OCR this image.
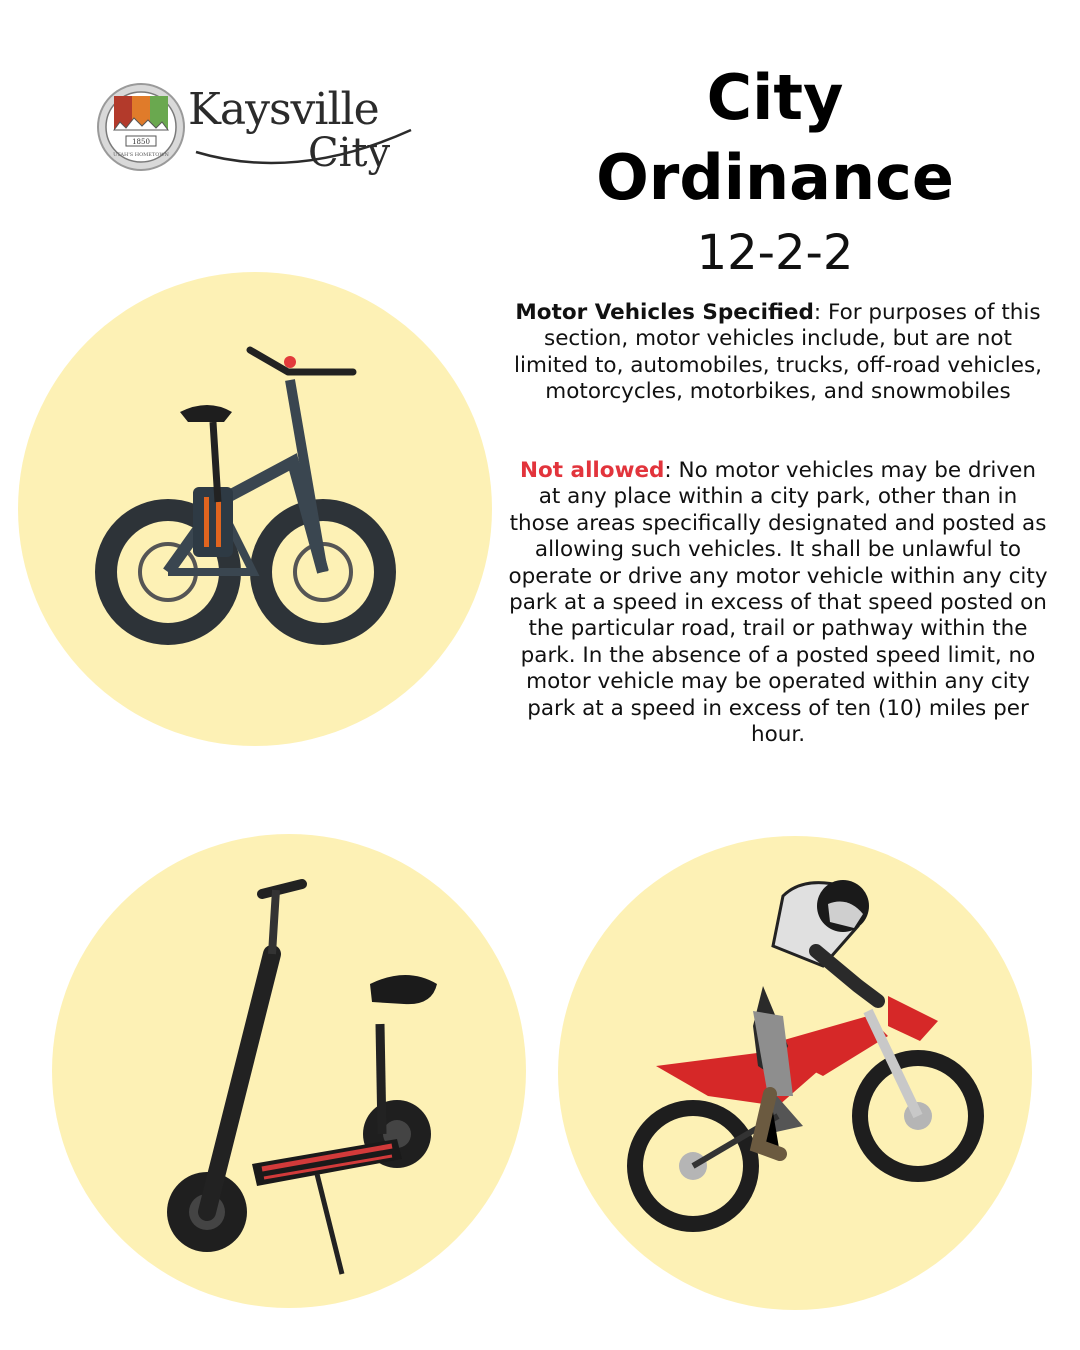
1850
UTAH'S HOMETOWN
Kaysville
City
City
Ordinance
12-2-2
Motor Vehicles Specified: For purposes of this section, motor vehicles include, but are not limited to, automobiles, trucks, off-road vehicles, motorcycles, motorbikes, and snowmobiles
Not allowed: No motor vehicles may be driven at any place within a city park, other than in those areas specifically designated and posted as allowing such vehicles. It shall be unlawful to operate or drive any motor vehicle within any city park at a speed in excess of that speed posted on the particular road, trail or pathway within the park. In the absence of a posted speed limit, no motor vehicle may be operated within any city park at a speed in excess of ten (10) miles per hour.
